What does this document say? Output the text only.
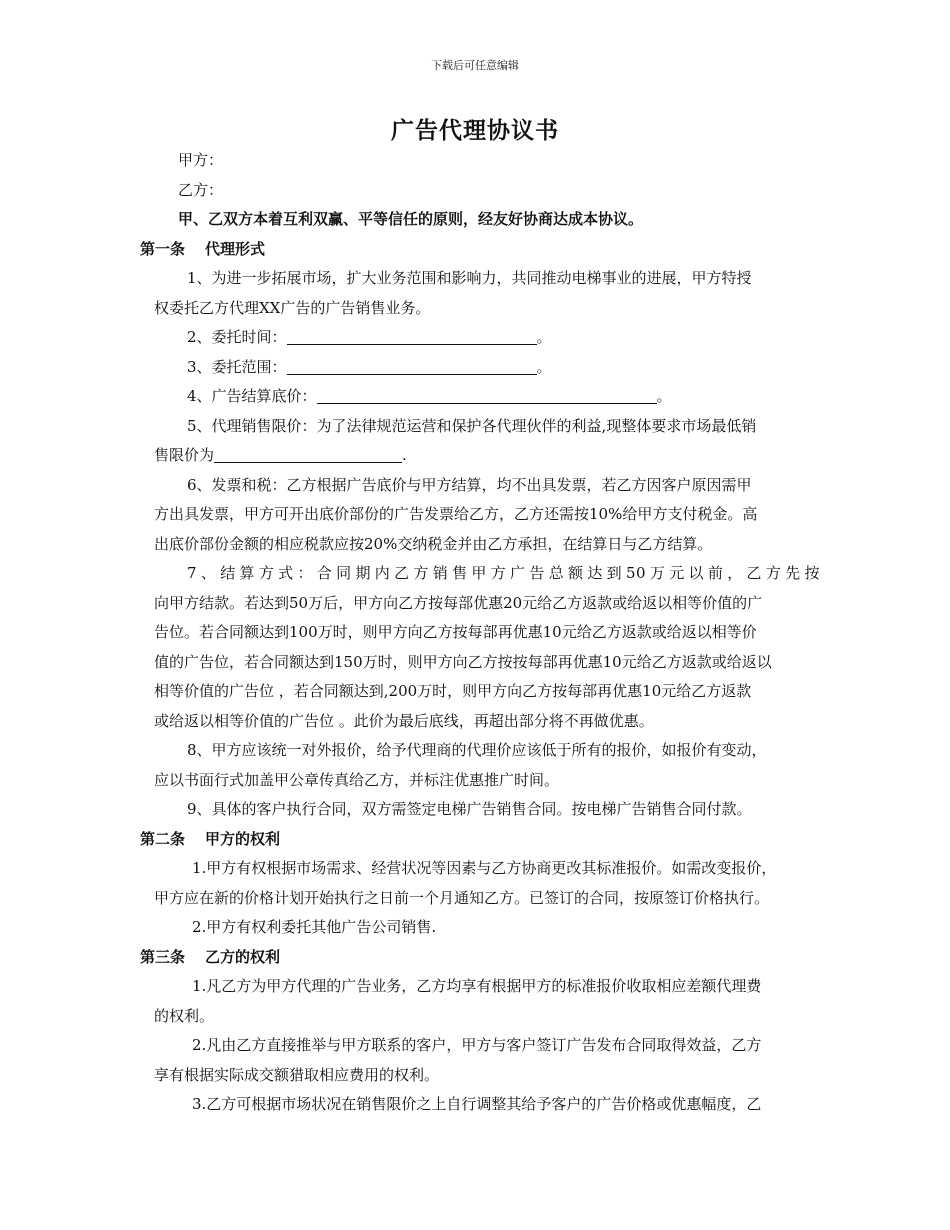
下载后可任意编辑
广告代理协议书
甲方：
乙方：
甲、乙双方本着互利双赢、平等信任的原则，经友好协商达成本协议。
第一条 代理形式
1、为进一步拓展市场，扩大业务范围和影响力，共同推动电梯事业的进展，甲方特授
权委托乙方代理XX广告的广告销售业务。
2、委托时间：	。
3、委托范围：	。
4、广告结算底价：	。
5、代理销售限价：为了法律规范运营和保护各代理伙伴的利益,现整体要求市场最低销
售限价为	.
6、发票和税：乙方根据广告底价与甲方结算，均不出具发票，若乙方因客户原因需甲
方出具发票，甲方可开出底价部份的广告发票给乙方，乙方还需按10%给甲方支付税金。高
出底价部份金额的相应税款应按20%交纳税金并由乙方承担，在结算日与乙方结算。
7、结算方式：合同期内乙方销售甲方广告总额达到50万元以前，乙方先按
向甲方结款。若达到50万后，甲方向乙方按每部优惠20元给乙方返款或给返以相等价值的广
告位。若合同额达到100万时，则甲方向乙方按每部再优惠10元给乙方返款或给返以相等价
值的广告位，若合同额达到150万时，则甲方向乙方按按每部再优惠10元给乙方返款或给返以
相等价值的广告位 ，若合同额达到,200万时，则甲方向乙方按每部再优惠10元给乙方返款
或给返以相等价值的广告位 。此价为最后底线，再超出部分将不再做优惠。
8、甲方应该统一对外报价，给予代理商的代理价应该低于所有的报价，如报价有变动，
应以书面行式加盖甲公章传真给乙方，并标注优惠推广时间。
9、具体的客户执行合同，双方需签定电梯广告销售合同。按电梯广告销售合同付款。
第二条 甲方的权利
1.甲方有权根据市场需求、经营状况等因素与乙方协商更改其标准报价。如需改变报价，
甲方应在新的价格计划开始执行之日前一个月通知乙方。已签订的合同，按原签订价格执行。
2.甲方有权利委托其他广告公司销售.
第三条 乙方的权利
1.凡乙方为甲方代理的广告业务，乙方均享有根据甲方的标准报价收取相应差额代理费
的权利。
2.凡由乙方直接推举与甲方联系的客户，甲方与客户签订广告发布合同取得效益，乙方
享有根据实际成交额猎取相应费用的权利。
3.乙方可根据市场状况在销售限价之上自行调整其给予客户的广告价格或优惠幅度，乙
